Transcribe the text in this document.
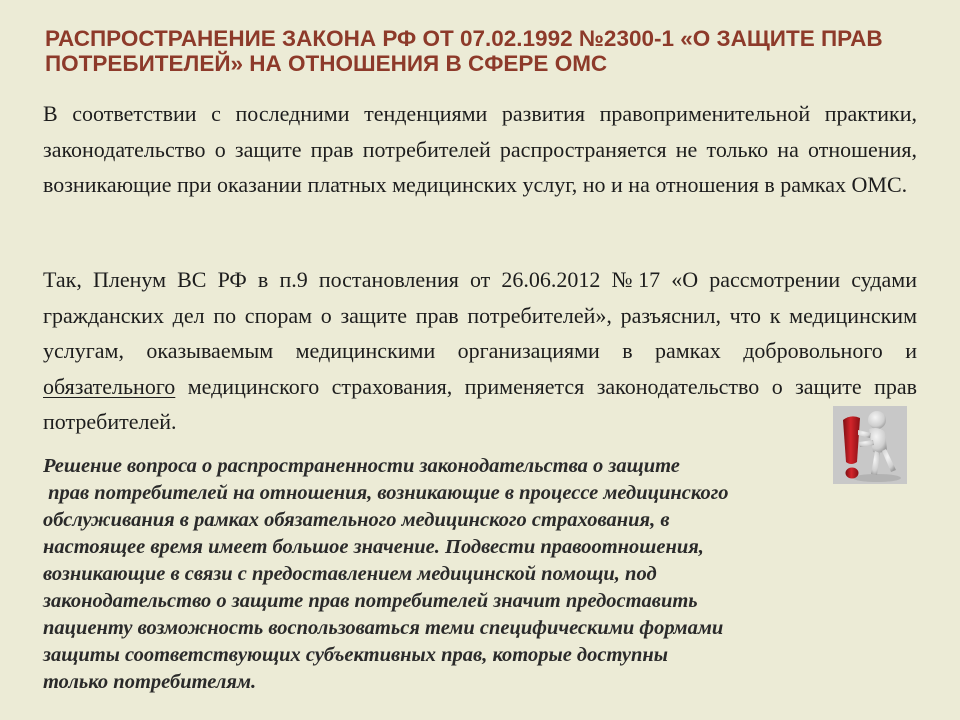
РАСПРОСТРАНЕНИЕ ЗАКОНА РФ ОТ 07.02.1992 №2300-1 «О ЗАЩИТЕ ПРАВ ПОТРЕБИТЕЛЕЙ» НА ОТНОШЕНИЯ В СФЕРЕ ОМС

В соответствии с последними тенденциями развития правоприменительной практики, законодательство о защите прав потребителей распространяется не только на отношения, возникающие при оказании платных медицинских услуг, но и на отношения в рамках ОМС.

Так, Пленум ВС РФ в п.9 постановления от 26.06.2012 №17 «О рассмотрении судами гражданских дел по спорам о защите прав потребителей», разъяснил, что к медицинским услугам, оказываемым медицинскими организациями в рамках добровольного и обязательного медицинского страхования, применяется законодательство о защите прав потребителей.

Решение вопроса о распространенности законодательства о защите
прав потребителей на отношения, возникающие в процессе медицинского
обслуживания в рамках обязательного медицинского страхования, в
настоящее время имеет большое значение. Подвести правоотношения,
возникающие в связи с предоставлением медицинской помощи, под
законодательство о защите прав потребителей значит предоставить
пациенту возможность воспользоваться теми специфическими формами
защиты соответствующих субъективных прав, которые доступны
только потребителям.
